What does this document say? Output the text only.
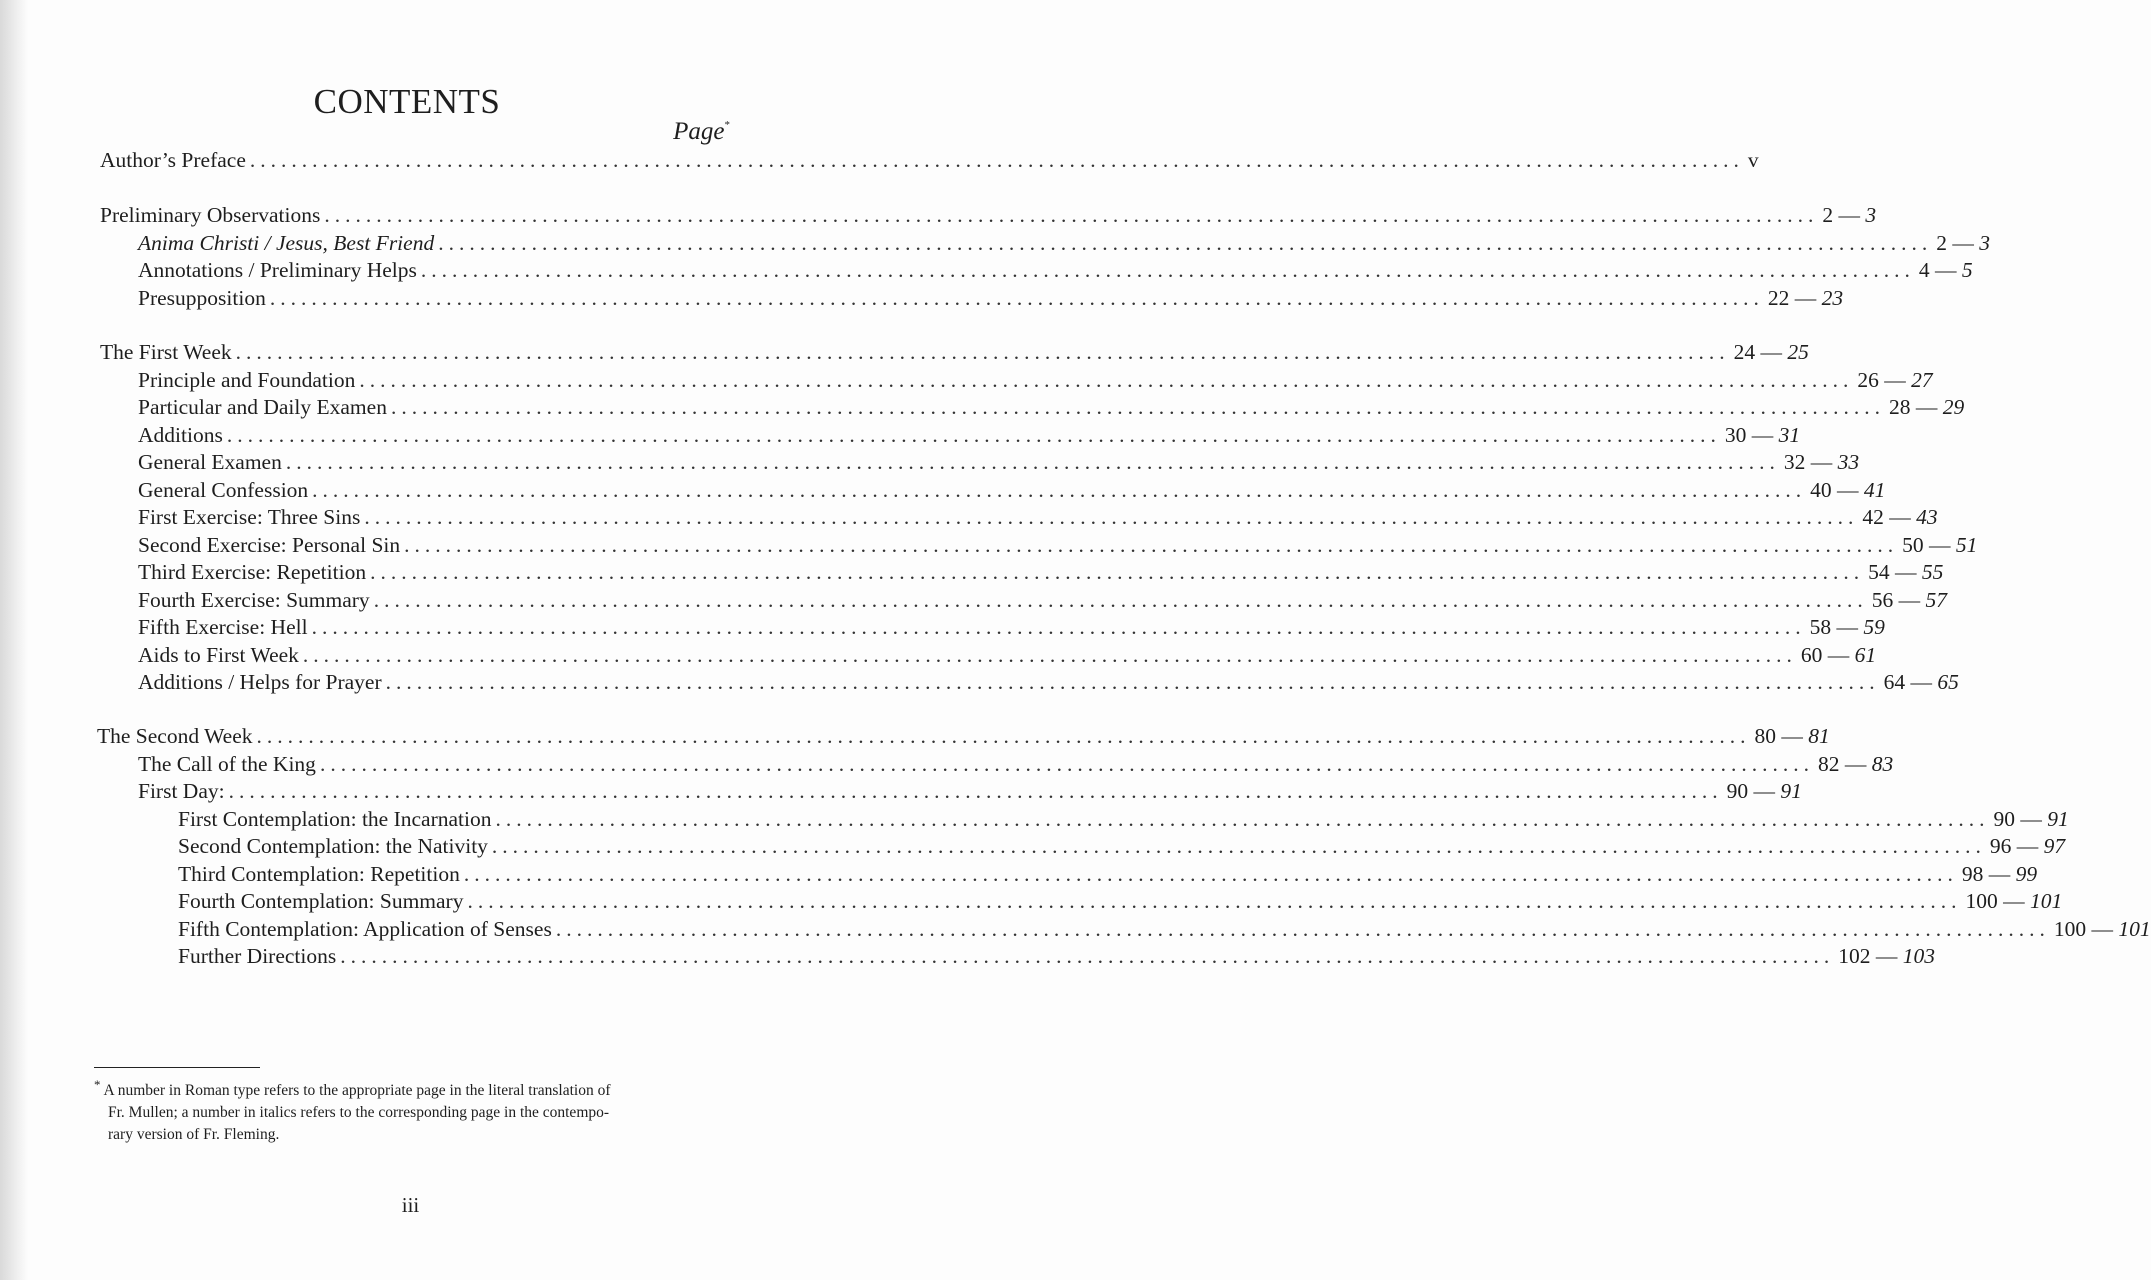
CONTENTS
Page*
Author’s Preface ................................................................................................................................................ v
Preliminary Observations ................................................................................................................................................ 2 — 3
Anima Christi / Jesus, Best Friend ................................................................................................................................................ 2 — 3
Annotations / Preliminary Helps ................................................................................................................................................ 4 — 5
Presupposition ................................................................................................................................................ 22 — 23
The First Week ................................................................................................................................................ 24 — 25
Principle and Foundation ................................................................................................................................................ 26 — 27
Particular and Daily Examen ................................................................................................................................................ 28 — 29
Additions ................................................................................................................................................ 30 — 31
General Examen ................................................................................................................................................ 32 — 33
General Confession ................................................................................................................................................ 40 — 41
First Exercise: Three Sins ................................................................................................................................................ 42 — 43
Second Exercise: Personal Sin ................................................................................................................................................ 50 — 51
Third Exercise: Repetition ................................................................................................................................................ 54 — 55
Fourth Exercise: Summary ................................................................................................................................................ 56 — 57
Fifth Exercise: Hell ................................................................................................................................................ 58 — 59
Aids to First Week ................................................................................................................................................ 60 — 61
Additions / Helps for Prayer ................................................................................................................................................ 64 — 65
The Second Week ................................................................................................................................................ 80 — 81
The Call of the King ................................................................................................................................................ 82 — 83
First Day: ................................................................................................................................................ 90 — 91
First Contemplation: the Incarnation ................................................................................................................................................ 90 — 91
Second Contemplation: the Nativity ................................................................................................................................................ 96 — 97
Third Contemplation: Repetition ................................................................................................................................................ 98 — 99
Fourth Contemplation: Summary ................................................................................................................................................ 100 — 101
Fifth Contemplation: Application of Senses ................................................................................................................................................ 100 — 101
Further Directions ................................................................................................................................................ 102 — 103
* A number in Roman type refers to the appropriate page in the literal translation of
Fr. Mullen; a number in italics refers to the corresponding page in the contempo-
rary version of Fr. Fleming.
iii
